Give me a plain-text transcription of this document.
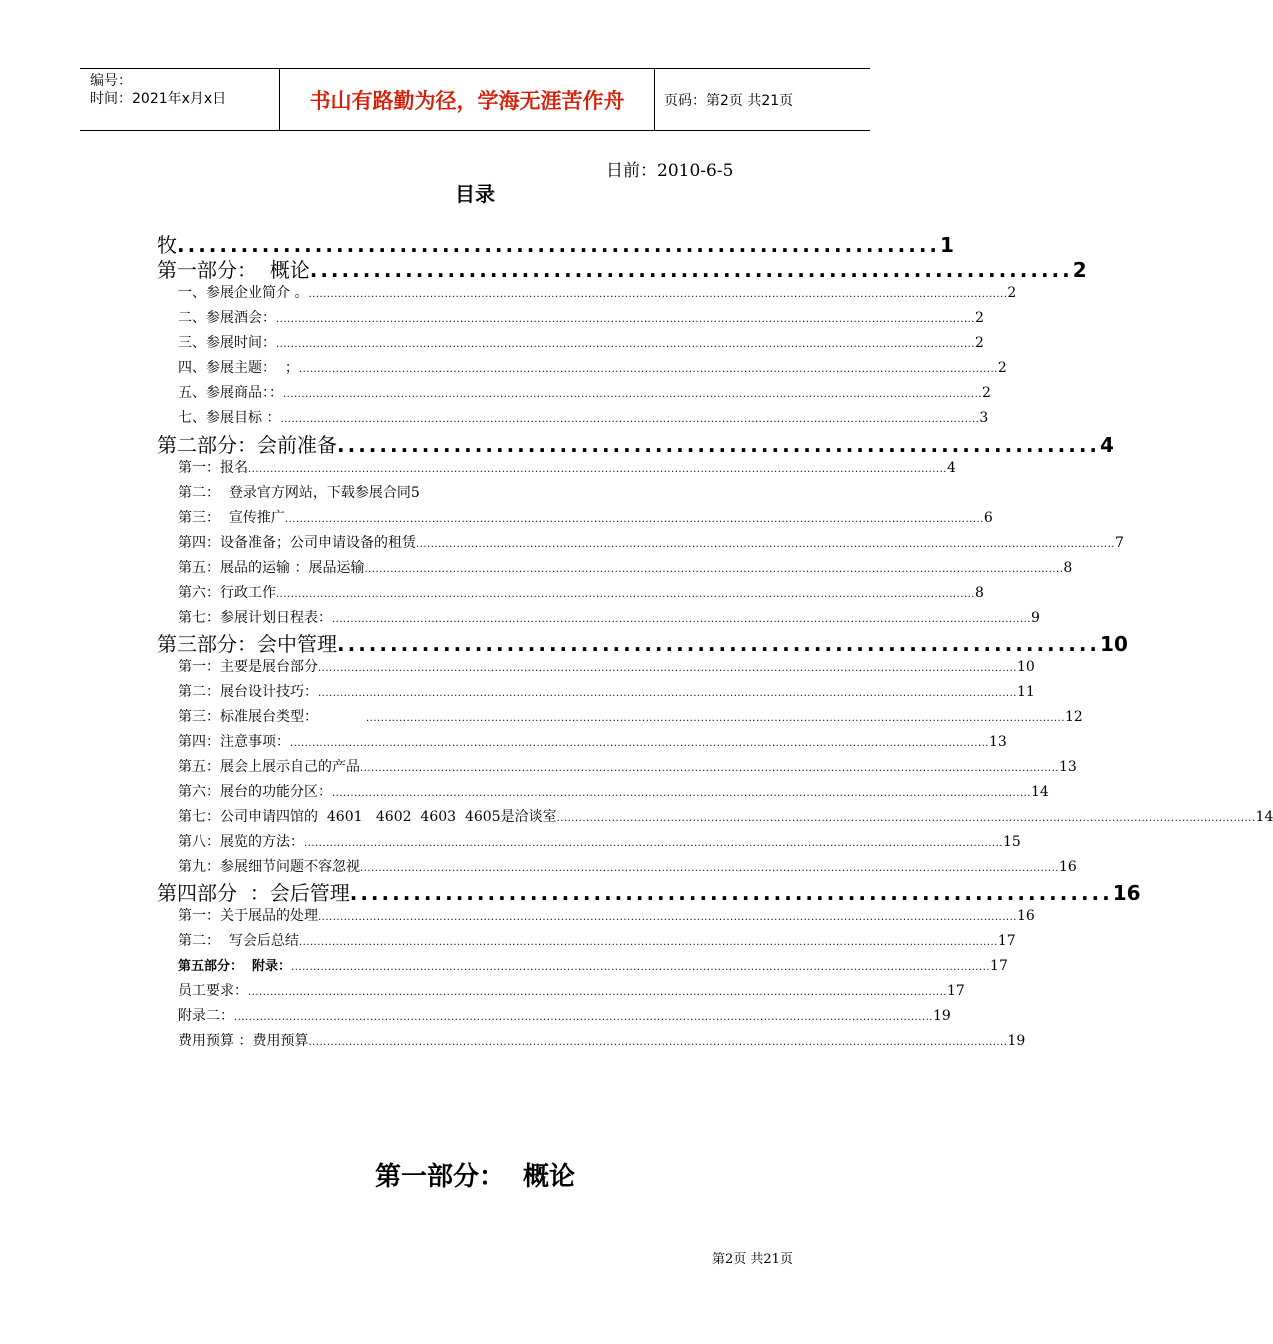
编号：
时间：2021年x月x日	书山有路勤为径，学海无涯苦作舟	页码：第2页 共21页
日前：2010-6-5
目录
牧 ........................................................................ 1
第一部分：  概论 ........................................................................ 2
一、参展企业简介 。 .............................................................................................................................................................................................. 2
二、参展酒会： .............................................................................................................................................................................................. 2
三、参展时间： .............................................................................................................................................................................................. 2
四、参展主题：  ； .............................................................................................................................................................................................. 2
五、参展商品：： .............................................................................................................................................................................................. 2
七、参展目标 ： .............................................................................................................................................................................................. 3
第二部分：会前准备 ........................................................................ 4
第一：报名 .............................................................................................................................................................................................. 4
第二：  登录官方网站，下载参展合同5
第三：  宣传推广 .............................................................................................................................................................................................. 6
第四：设备准备；公司申请设备的租赁 .............................................................................................................................................................................................. 7
第五：展品的运输 ：展品运输 .............................................................................................................................................................................................. 8
第六：行政工作 .............................................................................................................................................................................................. 8
第七：参展计划日程表： .............................................................................................................................................................................................. 9
第三部分：会中管理 ........................................................................ 10
第一：主要是展台部分 .............................................................................................................................................................................................. 10
第二：展台设计技巧： .............................................................................................................................................................................................. 11
第三：标准展台类型：	.............................................................................................................................................................................................. 12
第四：注意事项： .............................................................................................................................................................................................. 13
第五：展会上展示自己的产品 .............................................................................................................................................................................................. 13
第六：展台的功能分区： .............................................................................................................................................................................................. 14
第七：公司申请四馆的  4601   4602  4603  4605是洽谈室 .............................................................................................................................................................................................. 14
第八：展览的方法： .............................................................................................................................................................................................. 15
第九：参展细节问题不容忽视 .............................................................................................................................................................................................. 16
第四部分  ：会后管理 ........................................................................ 16
第一：关于展品的处理 .............................................................................................................................................................................................. 16
第二：  写会后总结 .............................................................................................................................................................................................. 17
第五部分：  附录： .............................................................................................................................................................................................. 17
员工要求： .............................................................................................................................................................................................. 17
附录二： .............................................................................................................................................................................................. 19
费用预算 ：费用预算 .............................................................................................................................................................................................. 19
第一部分：  概论
第2页 共21页
